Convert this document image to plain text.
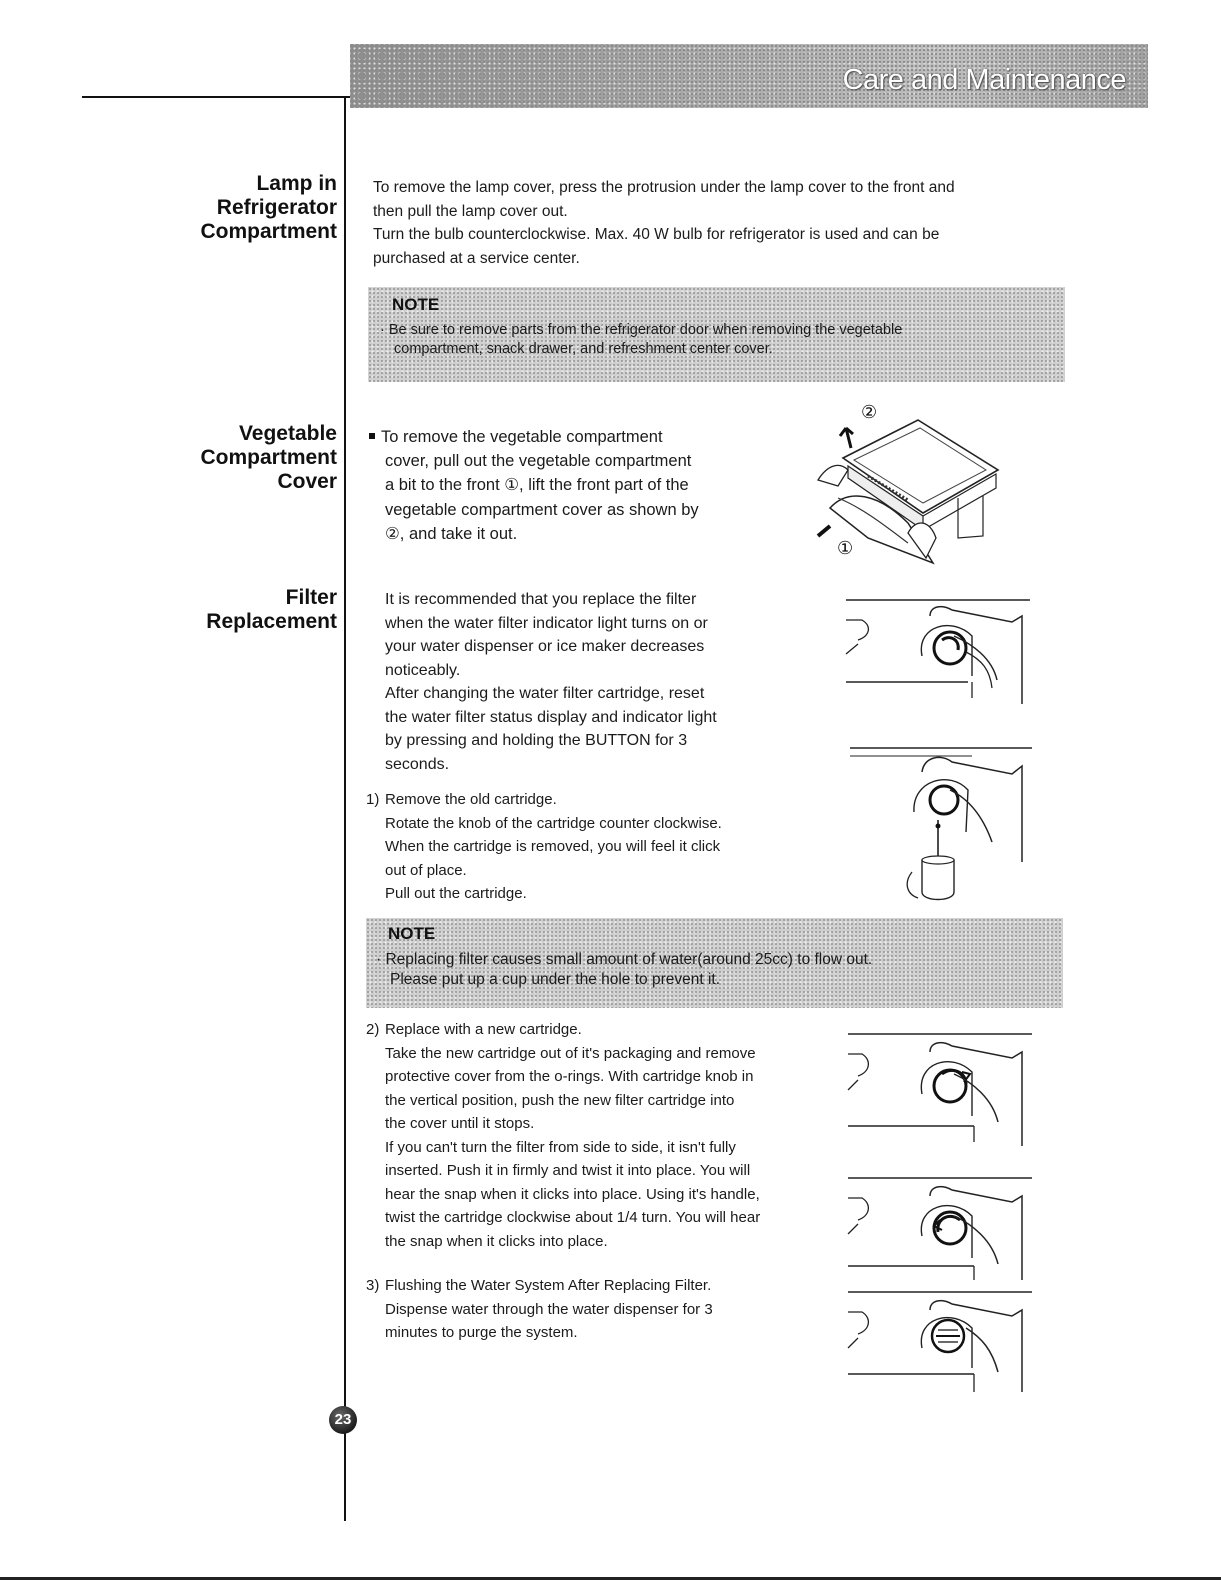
Care and Maintenance
Lamp in
Refrigerator
Compartment

To remove the lamp cover, press the protrusion under the lamp cover to the front and

then pull the lamp cover out.

Turn the bulb counterclockwise. Max. 40 W bulb for refrigerator is used and can be

purchased at a service center.

NOTE
· Be sure to remove parts from the refrigerator door when removing the vegetable
compartment, snack drawer, and refreshment center cover.
Vegetable
Compartment
Cover

To remove the vegetable compartment

cover, pull out the vegetable compartment

a bit to the front ①, lift the front part of the

vegetable compartment cover as shown by

②, and take it out.

②
①
Filter
Replacement

It is recommended that you replace the filter

when the water filter indicator light turns on or

your water dispenser or ice maker decreases

noticeably.

After changing the water filter cartridge, reset

the water filter status display and indicator light

by pressing and holding the BUTTON for 3

seconds.

1) Remove the old cartridge.

Rotate the knob of the cartridge counter clockwise.

When the cartridge is removed, you will feel it click

out of place.

Pull out the cartridge.

NOTE
· Replacing filter causes small amount of water(around 25cc) to flow out.
Please put up a cup under the hole to prevent it.

2) Replace with a new cartridge.

Take the new cartridge out of it's packaging and remove

protective cover from the o-rings. With cartridge knob in

the vertical position, push the new filter cartridge into

the cover until it stops.

If you can't turn the filter from side to side, it isn't fully

inserted. Push it in firmly and twist it into place. You will

hear the snap when it clicks into place. Using it's handle,

twist the cartridge clockwise about 1/4 turn. You will hear

the snap when it clicks into place.

3) Flushing the Water System After Replacing Filter.

Dispense water through the water dispenser for 3

minutes to purge the system.

23
